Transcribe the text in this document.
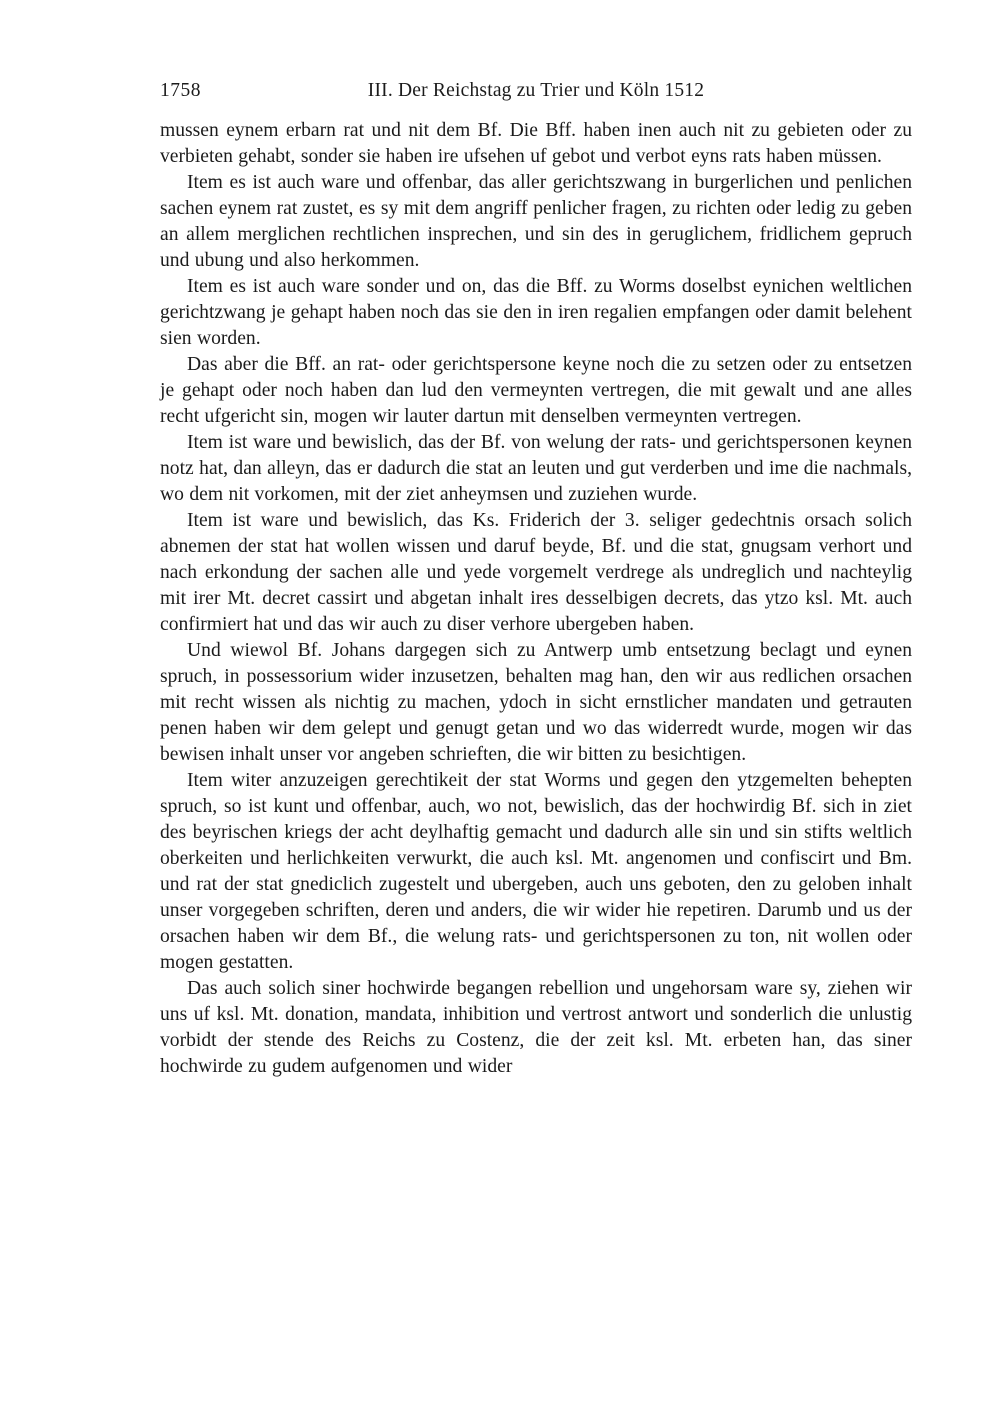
1758	III. Der Reichstag zu Trier und Köln 1512

mussen eynem erbarn rat und nit dem Bf. Die Bff. haben inen auch nit zu gebieten oder zu verbieten gehabt, sonder sie haben ire ufsehen uf gebot und verbot eyns rats haben müssen.

Item es ist auch ware und offenbar, das aller gerichtszwang in burgerlichen und penlichen sachen eynem rat zustet, es sy mit dem angriff penlicher fragen, zu richten oder ledig zu geben an allem merglichen rechtlichen insprechen, und sin des in geruglichem, fridlichem gepruch und ubung und also herkommen.

Item es ist auch ware sonder und on, das die Bff. zu Worms doselbst eynichen weltlichen gerichtzwang je gehapt haben noch das sie den in iren regalien empfangen oder damit belehent sien worden.

Das aber die Bff. an rat- oder gerichtspersone keyne noch die zu setzen oder zu entsetzen je gehapt oder noch haben dan lud den vermeynten vertregen, die mit gewalt und ane alles recht ufgericht sin, mogen wir lauter dartun mit denselben vermeynten vertregen.

Item ist ware und bewislich, das der Bf. von welung der rats- und gerichtspersonen keynen notz hat, dan alleyn, das er dadurch die stat an leuten und gut verderben und ime die nachmals, wo dem nit vorkomen, mit der ziet anheymsen und zuziehen wurde.

Item ist ware und bewislich, das Ks. Friderich der 3. seliger gedechtnis orsach solich abnemen der stat hat wollen wissen und daruf beyde, Bf. und die stat, gnugsam verhort und nach erkondung der sachen alle und yede vorgemelt verdrege als undreglich und nachteylig mit irer Mt. decret cassirt und abgetan inhalt ires desselbigen decrets, das ytzo ksl. Mt. auch confirmiert hat und das wir auch zu diser verhore ubergeben haben.

Und wiewol Bf. Johans dargegen sich zu Antwerp umb entsetzung beclagt und eynen spruch, in possessorium wider inzusetzen, behalten mag han, den wir aus redlichen orsachen mit recht wissen als nichtig zu machen, ydoch in sicht ernstlicher mandaten und getrauten penen haben wir dem gelept und genugt getan und wo das widerredt wurde, mogen wir das bewisen inhalt unser vor angeben schrieften, die wir bitten zu besichtigen.

Item witer anzuzeigen gerechtikeit der stat Worms und gegen den ytzgemelten behepten spruch, so ist kunt und offenbar, auch, wo not, bewislich, das der hochwirdig Bf. sich in ziet des beyrischen kriegs der acht deylhaftig gemacht und dadurch alle sin und sin stifts weltlich oberkeiten und herlichkeiten verwurkt, die auch ksl. Mt. angenomen und confiscirt und Bm. und rat der stat gnediclich zugestelt und ubergeben, auch uns geboten, den zu geloben inhalt unser vorgegeben schriften, deren und anders, die wir wider hie repetiren. Darumb und us der orsachen haben wir dem Bf., die welung rats- und gerichtspersonen zu ton, nit wollen oder mogen gestatten.

Das auch solich siner hochwirde begangen rebellion und ungehorsam ware sy, ziehen wir uns uf ksl. Mt. donation, mandata, inhibition und vertrost antwort und sonderlich die unlustig vorbidt der stende des Reichs zu Costenz, die der zeit ksl. Mt. erbeten han, das siner hochwirde zu gudem aufgenomen und wider
